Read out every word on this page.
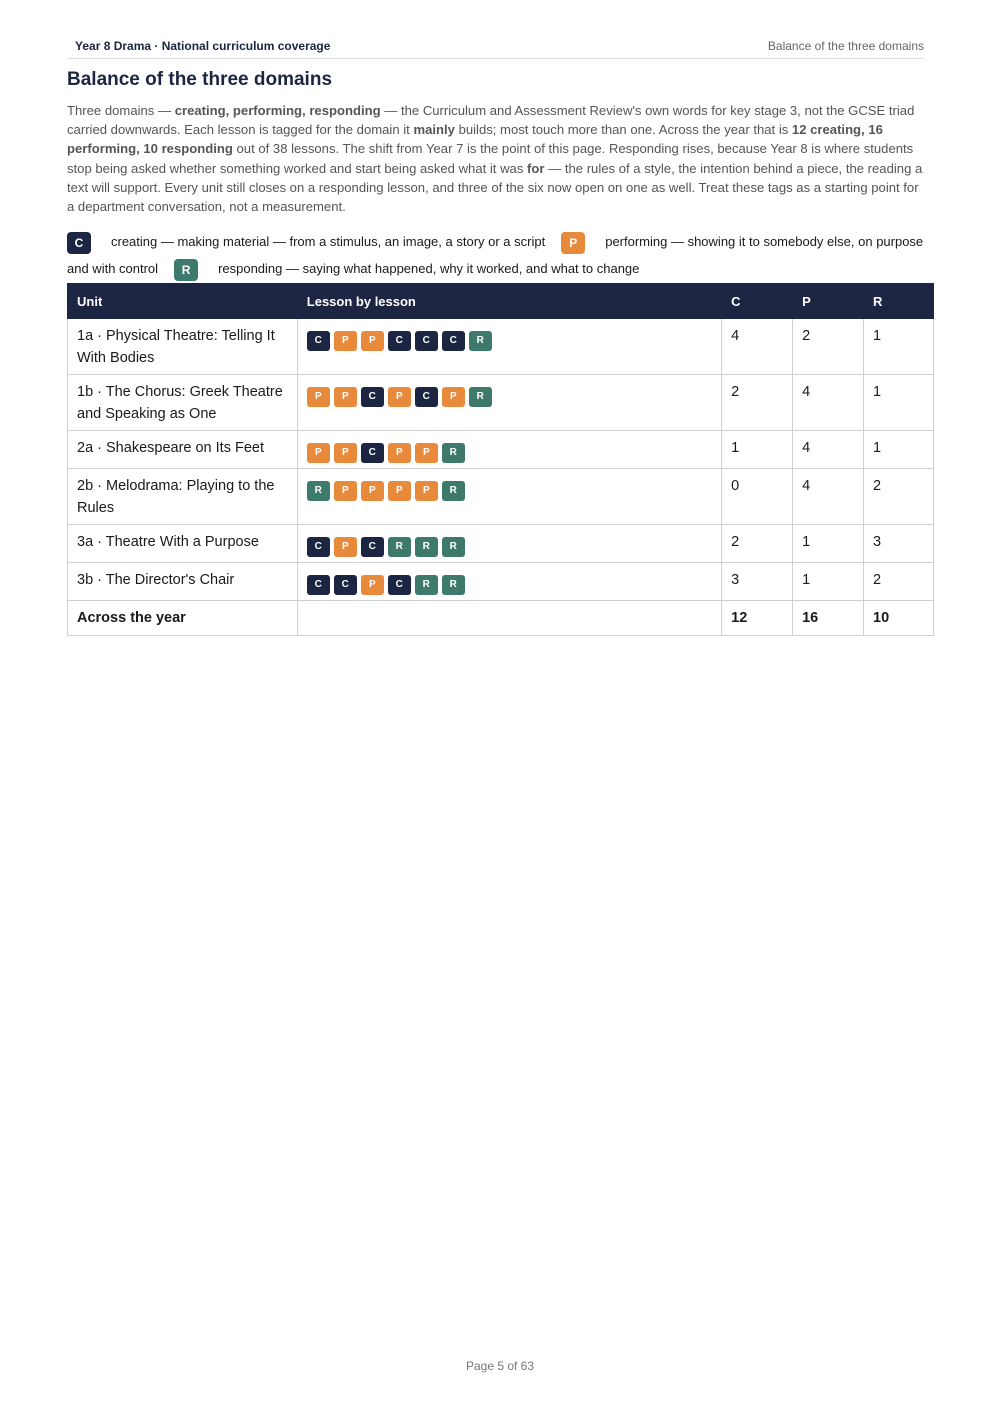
Year 8 Drama · National curriculum coverage	Balance of the three domains
Balance of the three domains

Three domains — creating, performing, responding — the Curriculum and Assessment Review's own words for key stage 3, not the GCSE triad carried downwards. Each lesson is tagged for the domain it mainly builds; most touch more than one. Across the year that is 12 creating, 16 performing, 10 responding out of 38 lessons. The shift from Year 7 is the point of this page. Responding rises, because Year 8 is where students stop being asked whether something worked and start being asked what it was for — the rules of a style, the intention behind a piece, the reading a text will support. Every unit still closes on a responding lesson, and three of the six now open on one as well. Treat these tags as a starting point for a department conversation, not a measurement.

C creating — making material — from a stimulus, an image, a story or a script P performing — showing it to somebody else, on purpose and with control R responding — saying what happened, why it worked, and what to change
Unit	Lesson by lesson	C	P	R
1a · Physical Theatre: Telling It With Bodies	C P P C C C R	4	2	1
1b · The Chorus: Greek Theatre and Speaking as One	P P C P C P R	2	4	1
2a · Shakespeare on Its Feet	P P C P P R	1	4	1
2b · Melodrama: Playing to the Rules	R P P P P R	0	4	2
3a · Theatre With a Purpose	C P C R R R	2	1	3
3b · The Director's Chair	C C P C R R	3	1	2
Across the year		12	16	10
Page 5 of 63
